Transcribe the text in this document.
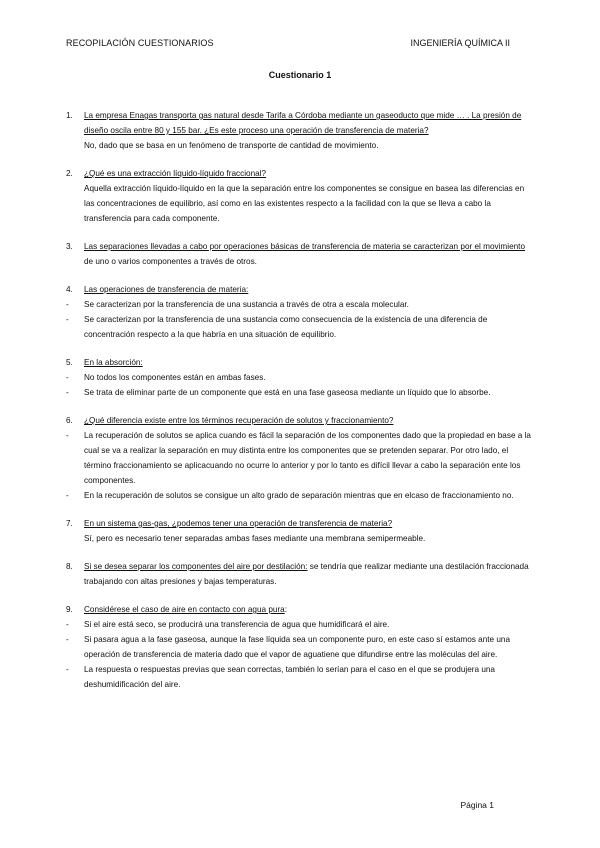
RECOPILACIÓN CUESTIONARIOS	INGENIERÍA QUÍMICA II
Cuestionario 1
1.	La empresa Enagas transporta gas natural desde Tarifa a Córdoba mediante un gaseoducto que mide … . La presión de diseño oscila entre 80 y 155 bar. ¿Es este proceso una operación de transferencia de materia?
No, dado que se basa en un fenómeno de transporte de cantidad de movimiento.
2.	¿Qué es una extracción líquido-líquido fraccional?
Aquella extracción líquido-líquido en la que la separación entre los componentes se consigue en basea las diferencias en las concentraciones de equilibrio, así como en las existentes respecto a la facilidad con la que se lleva a cabo la transferencia para cada componente.
3.	Las separaciones llevadas a cabo por operaciones básicas de transferencia de materia se caracterizan por el movimiento de uno o varios componentes a través de otros.
4.	Las operaciones de transferencia de materia:
-	Se caracterizan por la transferencia de una sustancia a través de otra a escala molecular.
-	Se caracterizan por la transferencia de una sustancia como consecuencia de la existencia de una diferencia de concentración respecto a la que habría en una situación de equilibrio.
5.	En la absorción:
-	No todos los componentes están en ambas fases.
-	Se trata de eliminar parte de un componente que está en una fase gaseosa mediante un líquido que lo absorbe.
6.	¿Qué diferencia existe entre los términos recuperación de solutos y fraccionamiento?
-	La recuperación de solutos se aplica cuando es fácil la separación de los componentes dado que la propiedad en base a la cual se va a realizar la separación en muy distinta entre los componentes que se pretenden separar. Por otro lado, el término fraccionamiento se aplicacuando no ocurre lo anterior y por lo tanto es difícil llevar a cabo la separación ente los componentes.
-	En la recuperación de solutos se consigue un alto grado de separación mientras que en elcaso de fraccionamiento no.
7.	En un sistema gas-gas, ¿podemos tener una operación de transferencia de materia?
Sí, pero es necesario tener separadas ambas fases mediante una membrana semipermeable.
8.	Si se desea separar los componentes del aire por destilación: se tendría que realizar mediante una destilación fraccionada trabajando con altas presiones y bajas temperaturas.
9.	Considérese el caso de aire en contacto con agua pura:
-	Si el aire está seco, se producirá una transferencia de agua que humidificará el aire.
-	Si pasara agua a la fase gaseosa, aunque la fase líquida sea un componente puro, en este caso sí estamos ante una operación de transferencia de materia dado que el vapor de aguatiene que difundirse entre las moléculas del aire.
-	La respuesta o respuestas previas que sean correctas, también lo serían para el caso en el que se produjera una deshumidificación del aire.
Página 1
